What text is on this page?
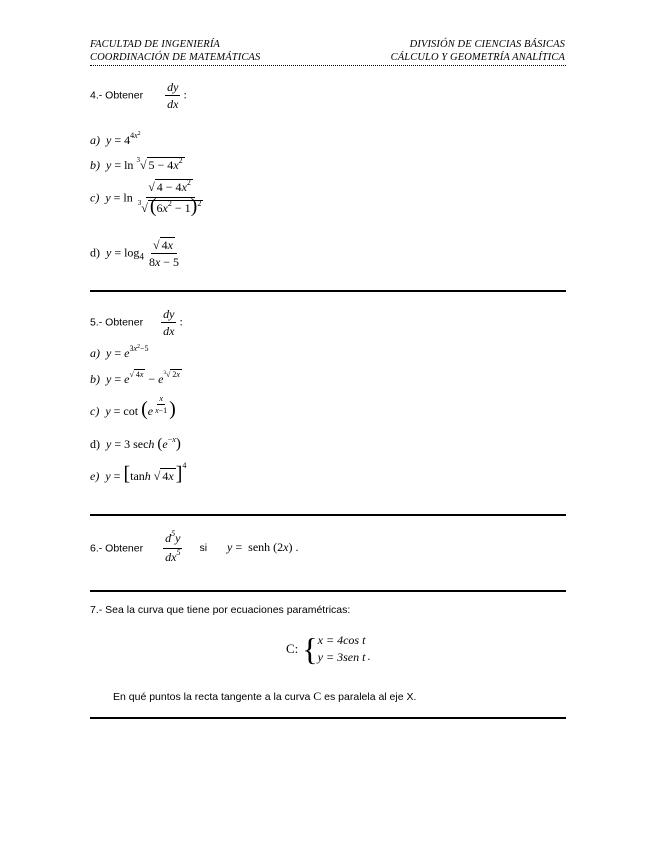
FACULTAD DE INGENIERÍA
COORDINACIÓN DE MATEMÁTICAS
DIVISIÓN DE CIENCIAS BÁSICAS
CÁLCULO Y GEOMETRÍA ANALÍTICA
4.- Obtener $\frac{dy}{dx}$ :
a)  $y = 4^{4x^2}$
b)  y = ln $^3$√ $5 - 4x^2$
c)  $y = \ln \frac{√ 4 - 4x^2}{^3√ (6x^2 - 1)^2}$
d)  $y = \log_4 \frac{√ 4x}{8x - 5}$
5.- Obtener $\frac{dy}{dx}$ :
a)  $y = e^{3x^2-5}$
b) $y = e^{√ 4x} - e^{^3√ 2x}$
c)  y = cot (e $^{\frac{x}{x-1}}$ )
d)  y = 3 sech $(e^{-x})$
e)  y = [tanh √ 4x ]$^4$
6.- Obtener $\frac{d^5y}{dx^5}$ si y =  senh (2x) .
7.- Sea la curva que tiene por ecuaciones paramétricas:
C: { x = 4cos t
y = 3sen t .
En qué puntos la recta tangente a la curva C es paralela al eje X.
